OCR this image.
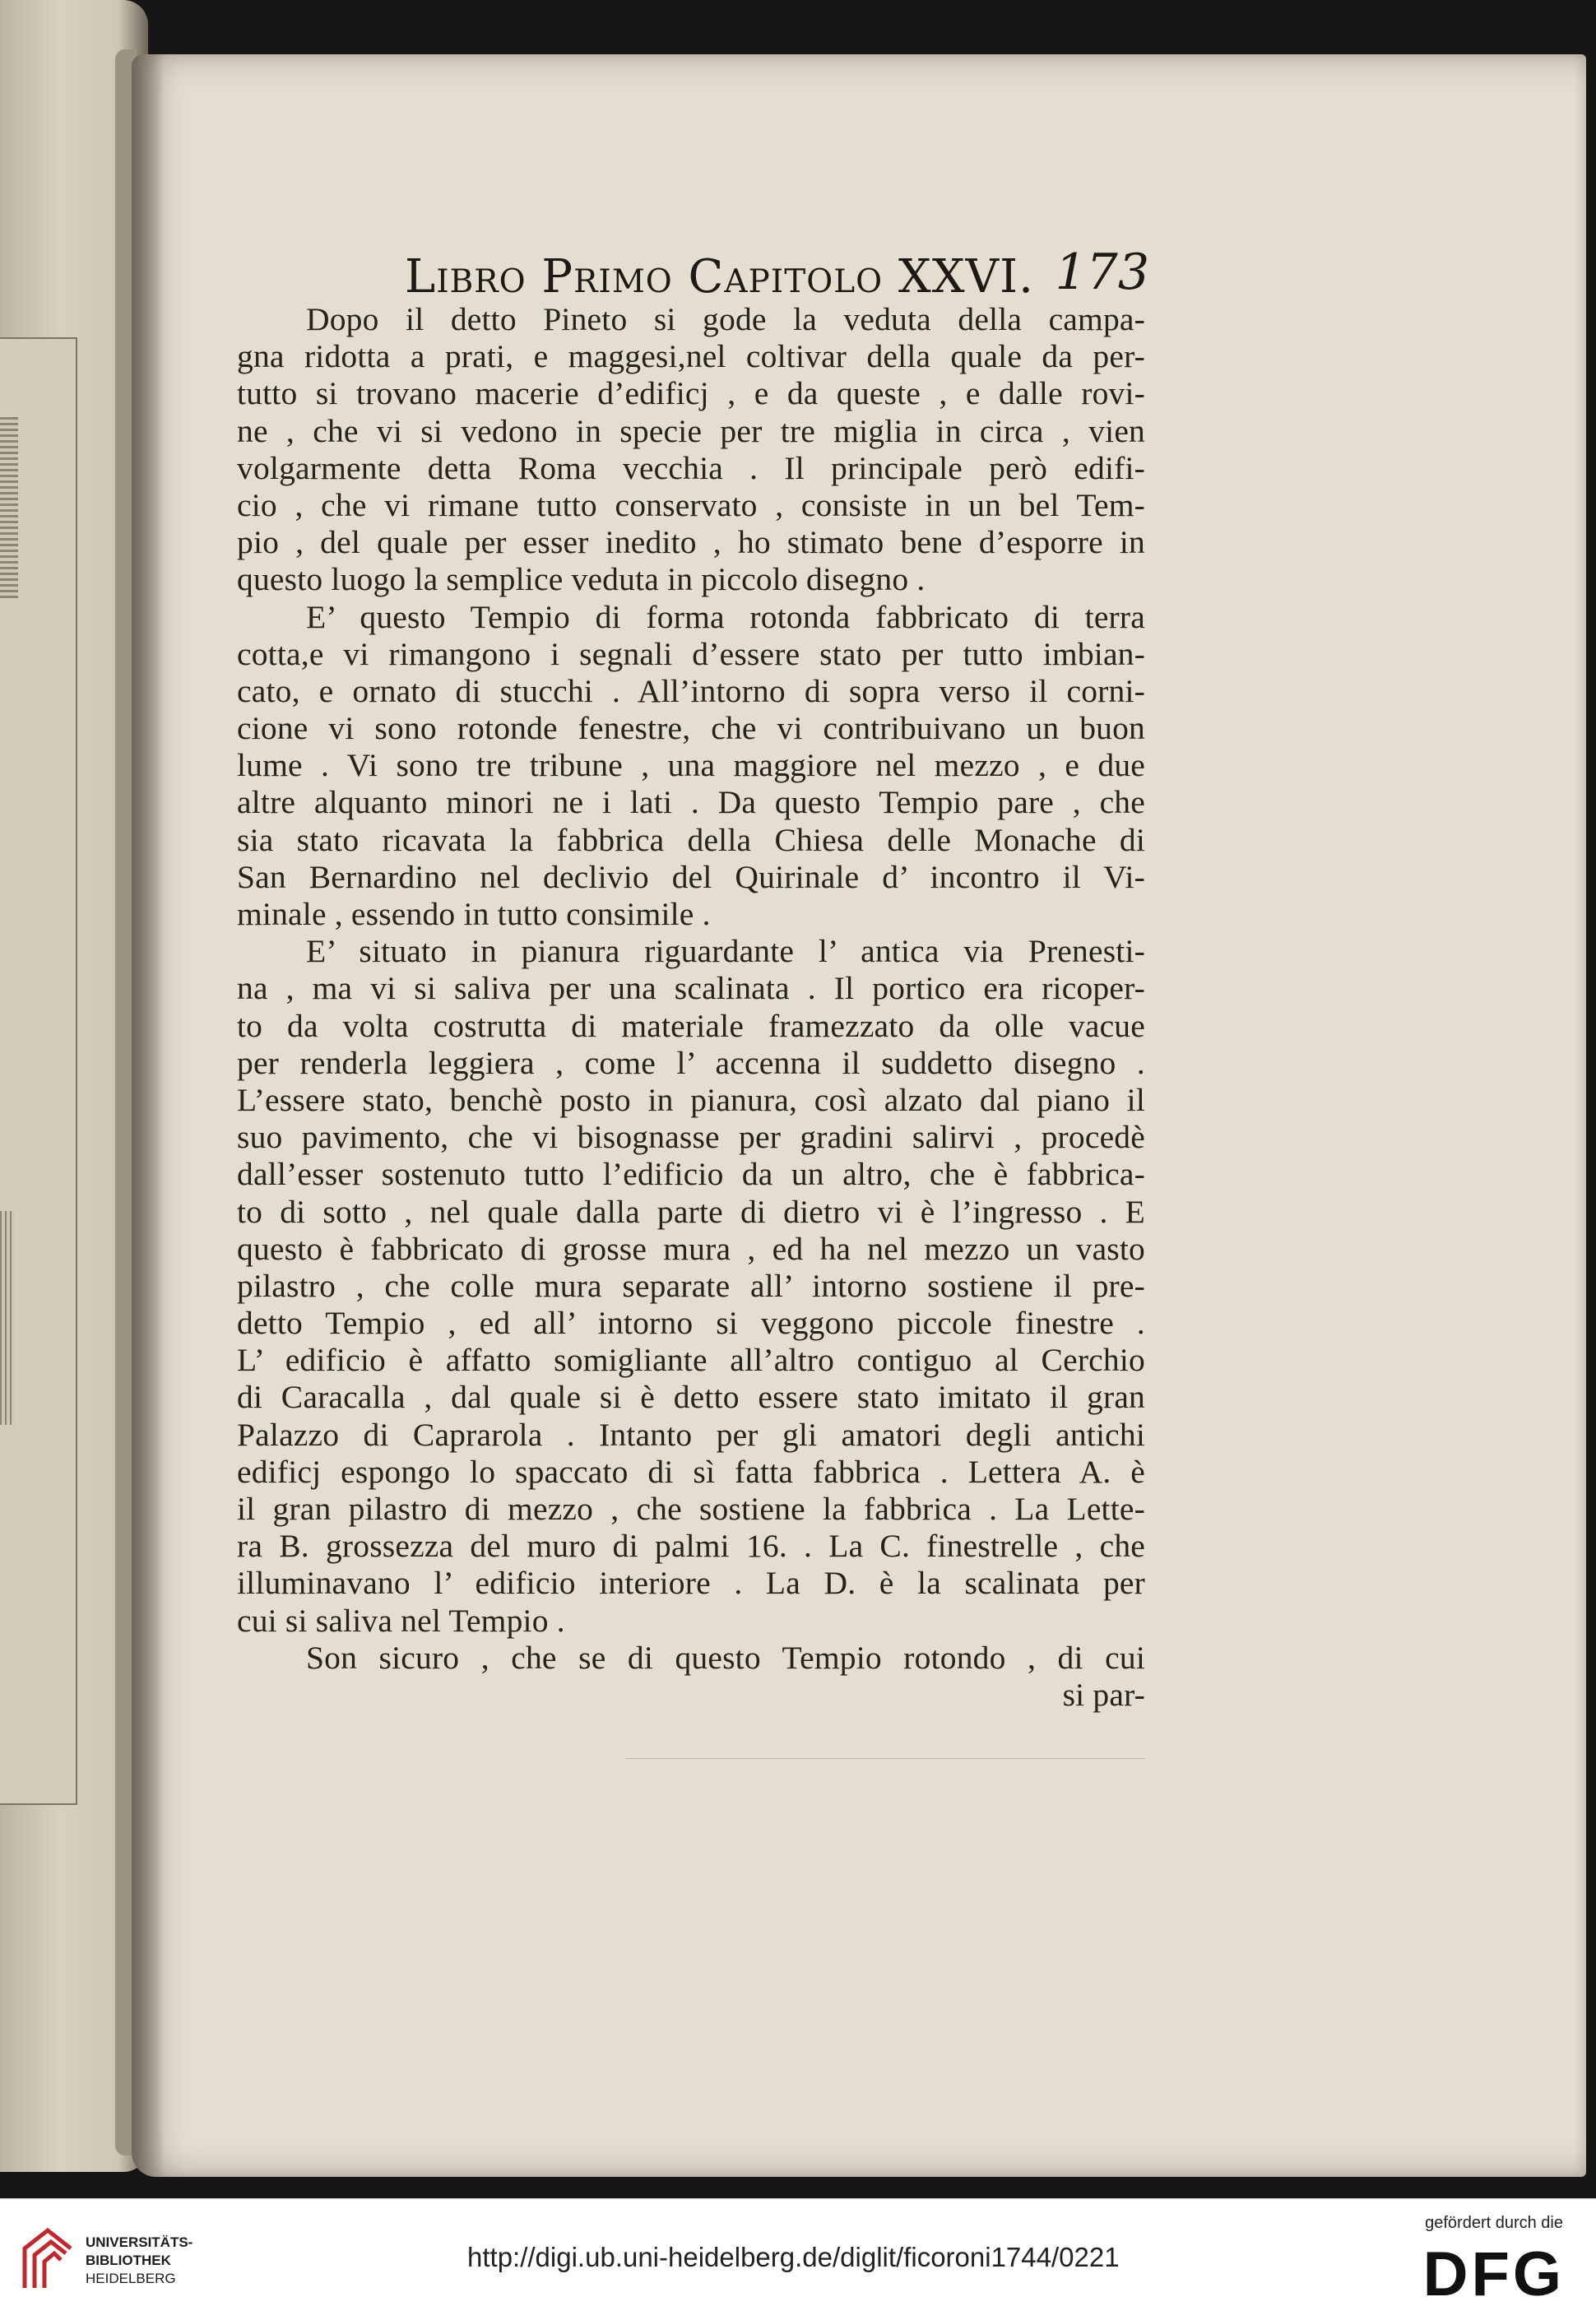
Libro Primo Capitolo XXVI. 173
Dopo il detto Pineto si gode la veduta della campa-
gna ridotta a prati, e maggesi,nel coltivar della quale da per-
tutto si trovano macerie d’edificj , e da queste , e dalle rovi-
ne , che vi si vedono in specie per tre miglia in circa , vien
volgarmente detta Roma vecchia . Il principale però edifi-
cio , che vi rimane tutto conservato , consiste in un bel Tem-
pio , del quale per esser inedito , ho stimato bene d’esporre in
questo luogo la semplice veduta in piccolo disegno .
E’ questo Tempio di forma rotonda fabbricato di terra
cotta,e vi rimangono i segnali d’essere stato per tutto imbian-
cato, e ornato di stucchi . All’intorno di sopra verso il corni-
cione vi sono rotonde fenestre, che vi contribuivano un buon
lume . Vi sono tre tribune , una maggiore nel mezzo , e due
altre alquanto minori ne i lati . Da questo Tempio pare , che
sia stato ricavata la fabbrica della Chiesa delle Monache di
San Bernardino nel declivio del Quirinale d’ incontro il Vi-
minale , essendo in tutto consimile .
E’ situato in pianura riguardante l’ antica via Prenesti-
na , ma vi si saliva per una scalinata . Il portico era ricoper-
to da volta costrutta di materiale framezzato da olle vacue
per renderla leggiera , come l’ accenna il suddetto disegno .
L’essere stato, benchè posto in pianura, così alzato dal piano il
suo pavimento, che vi bisognasse per gradini salirvi , procedè
dall’esser sostenuto tutto l’edificio da un altro, che è fabbrica-
to di sotto , nel quale dalla parte di dietro vi è l’ingresso . E
questo è fabbricato di grosse mura , ed ha nel mezzo un vasto
pilastro , che colle mura separate all’ intorno sostiene il pre-
detto Tempio , ed all’ intorno si veggono piccole finestre .
L’ edificio è affatto somigliante all’altro contiguo al Cerchio
di Caracalla , dal quale si è detto essere stato imitato il gran
Palazzo di Caprarola . Intanto per gli amatori degli antichi
edificj espongo lo spaccato di sì fatta fabbrica . Lettera A. è
il gran pilastro di mezzo , che sostiene la fabbrica . La Lette-
ra B. grossezza del muro di palmi 16. . La C. finestrelle , che
illuminavano l’ edificio interiore . La D. è la scalinata per
cui si saliva nel Tempio .
Son sicuro , che se di questo Tempio rotondo , di cui
si par-
UNIVERSITÄTS-
BIBLIOTHEK
HEIDELBERG
http://digi.ub.uni-heidelberg.de/diglit/ficoroni1744/0221
gefördert durch die
DFG
